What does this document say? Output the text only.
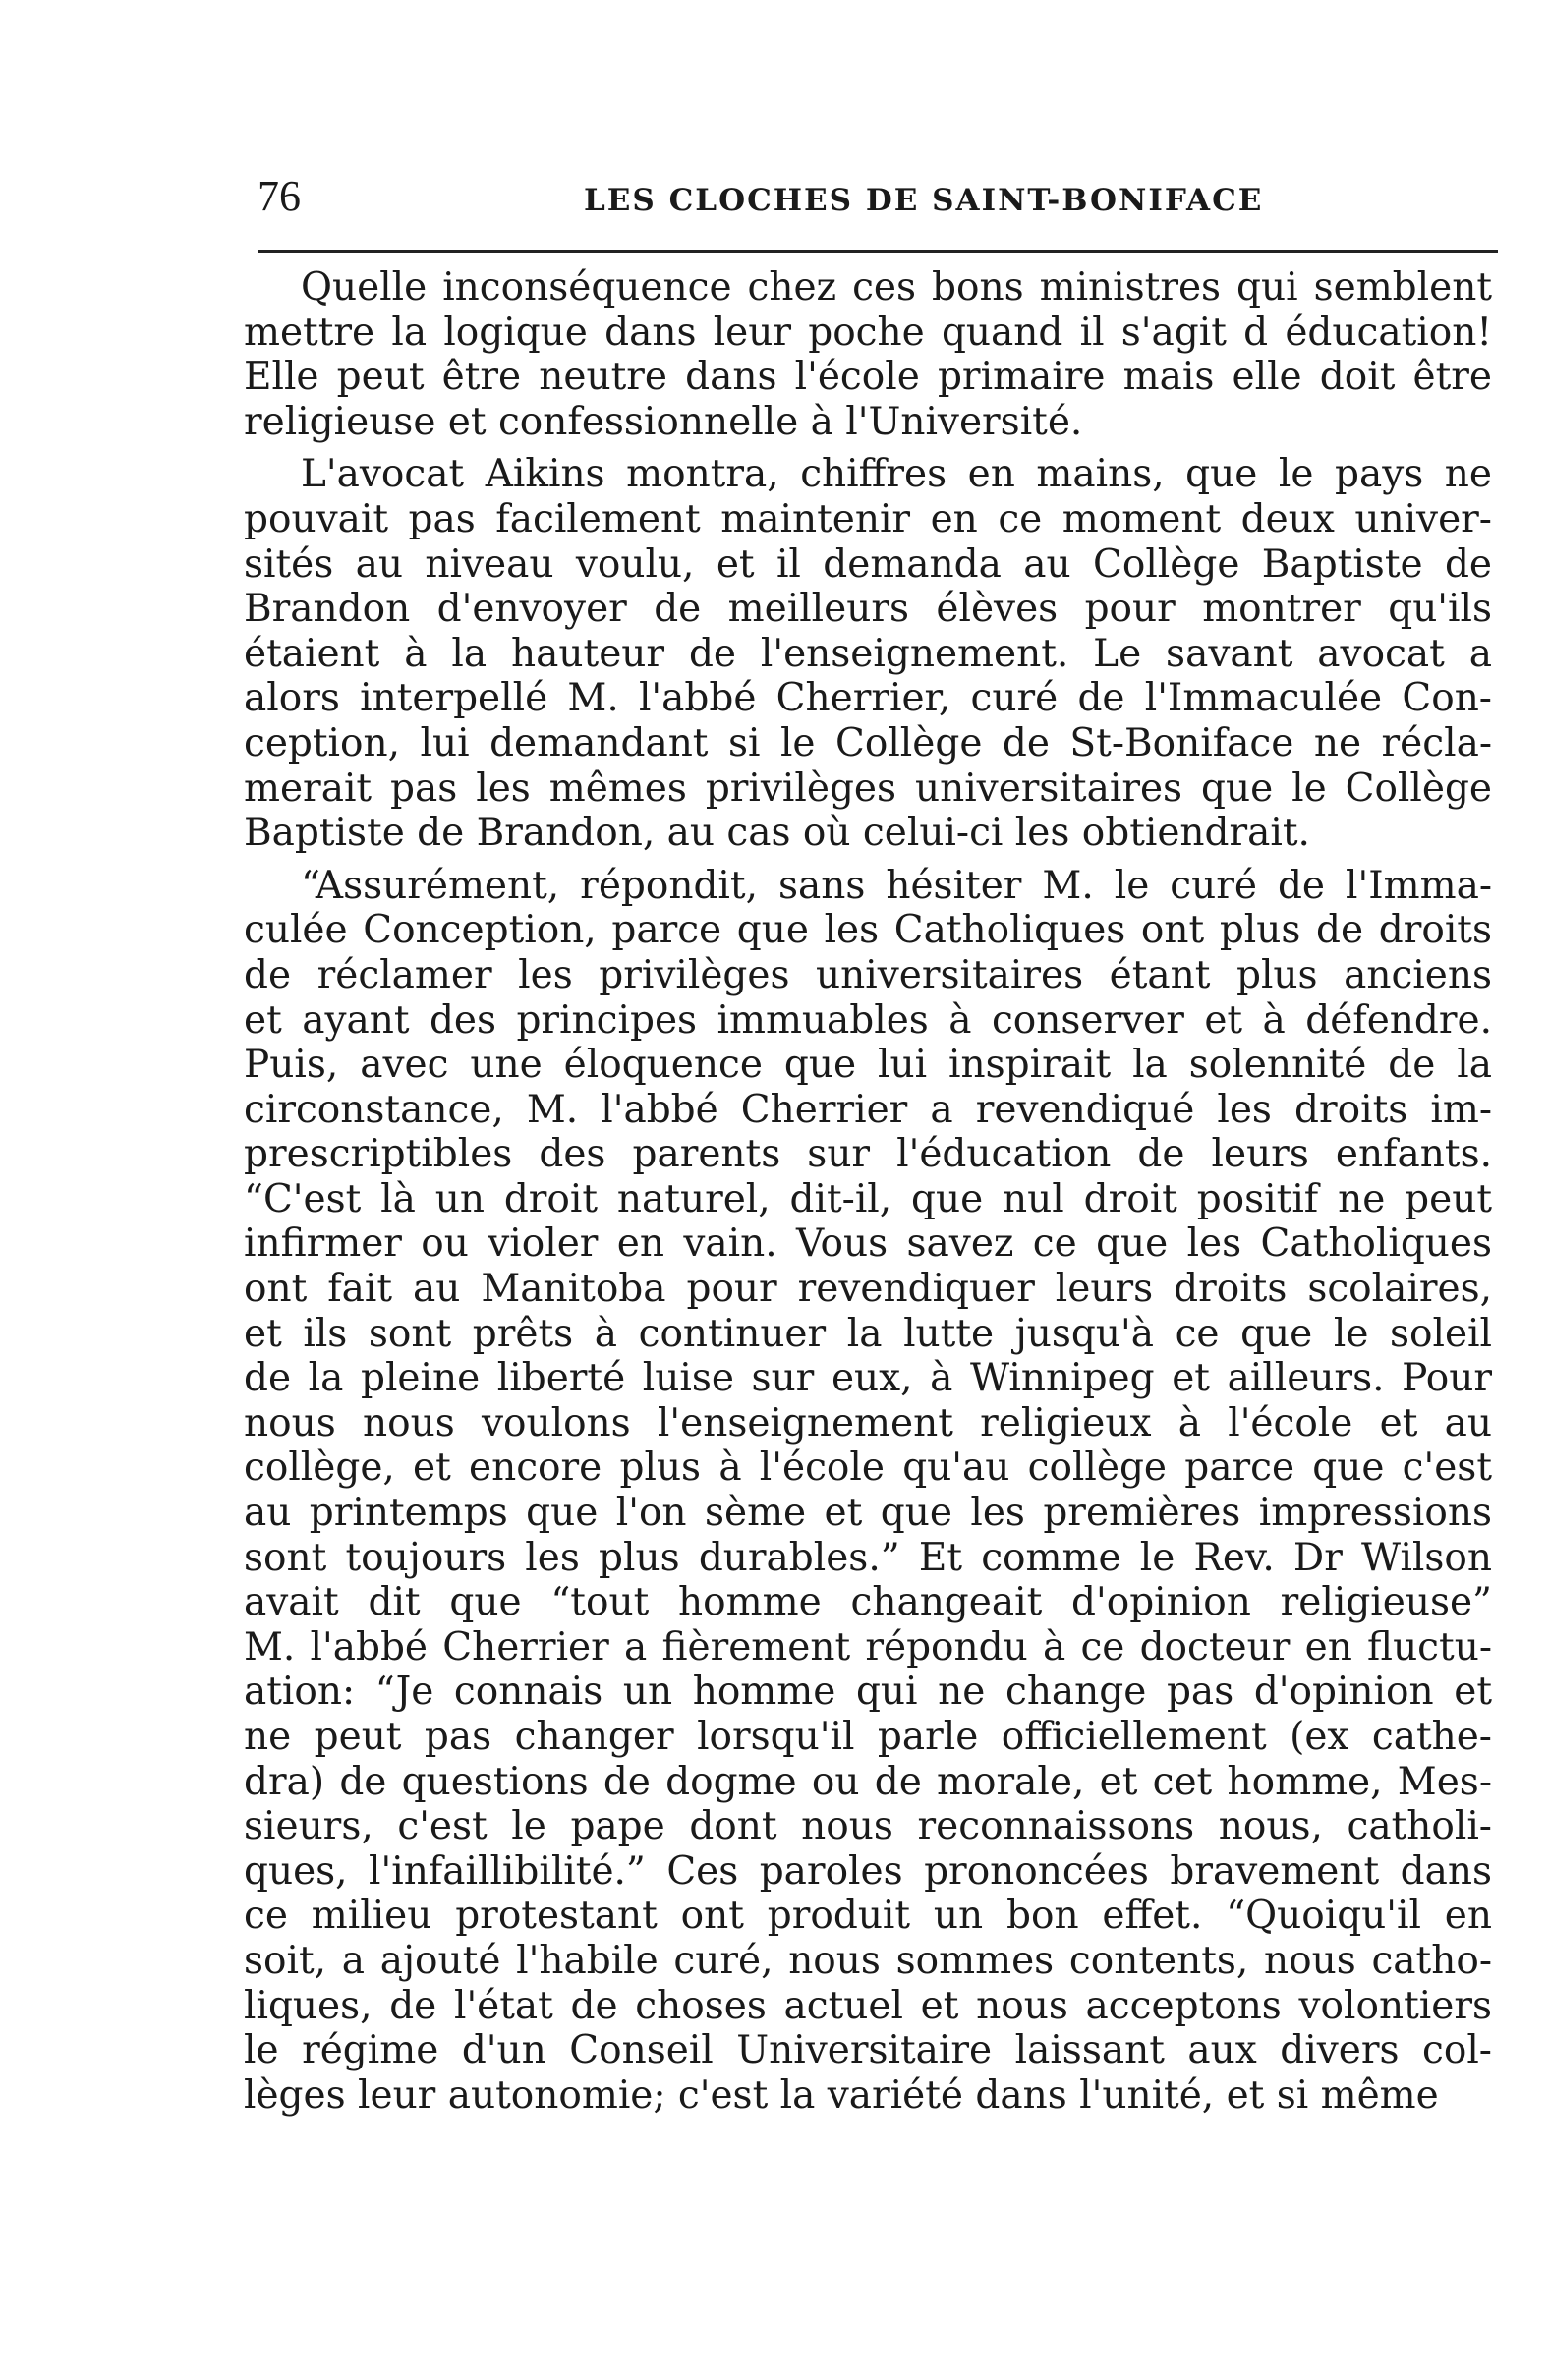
76	LES CLOCHES DE SAINT-BONIFACE
Quelle inconséquence chez ces bons ministres qui semblent
mettre la logique dans leur poche quand il s'agit d éducation!
Elle peut être neutre dans l'école primaire mais elle doit être
religieuse et confessionnelle à l'Université.
L'avocat Aikins montra, chiffres en mains, que le pays ne
pouvait pas facilement maintenir en ce moment deux univer-
sités au niveau voulu, et il demanda au Collège Baptiste de
Brandon d'envoyer de meilleurs élèves pour montrer qu'ils
étaient à la hauteur de l'enseignement. Le savant avocat a
alors interpellé M. l'abbé Cherrier, curé de l'Immaculée Con-
ception, lui demandant si le Collège de St-Boniface ne récla-
merait pas les mêmes privilèges universitaires que le Collège
Baptiste de Brandon, au cas où celui-ci les obtiendrait.
“Assurément, répondit, sans hésiter M. le curé de l'Imma-
culée Conception, parce que les Catholiques ont plus de droits
de réclamer les privilèges universitaires étant plus anciens
et ayant des principes immuables à conserver et à défendre.
Puis, avec une éloquence que lui inspirait la solennité de la
circonstance, M. l'abbé Cherrier a revendiqué les droits im-
prescriptibles des parents sur l'éducation de leurs enfants.
“C'est là un droit naturel, dit-il, que nul droit positif ne peut
infirmer ou violer en vain. Vous savez ce que les Catholiques
ont fait au Manitoba pour revendiquer leurs droits scolaires,
et ils sont prêts à continuer la lutte jusqu'à ce que le soleil
de la pleine liberté luise sur eux, à Winnipeg et ailleurs. Pour
nous nous voulons l'enseignement religieux à l'école et au
collège, et encore plus à l'école qu'au collège parce que c'est
au printemps que l'on sème et que les premières impressions
sont toujours les plus durables.” Et comme le Rev. Dr Wilson
avait dit que “tout homme changeait d'opinion religieuse”
M. l'abbé Cherrier a fièrement répondu à ce docteur en fluctu-
ation: “Je connais un homme qui ne change pas d'opinion et
ne peut pas changer lorsqu'il parle officiellement (ex cathe-
dra) de questions de dogme ou de morale, et cet homme, Mes-
sieurs, c'est le pape dont nous reconnaissons nous, catholi-
ques, l'infaillibilité.” Ces paroles prononcées bravement dans
ce milieu protestant ont produit un bon effet. “Quoiqu'il en
soit, a ajouté l'habile curé, nous sommes contents, nous catho-
liques, de l'état de choses actuel et nous acceptons volontiers
le régime d'un Conseil Universitaire laissant aux divers col-
lèges leur autonomie; c'est la variété dans l'unité, et si même
